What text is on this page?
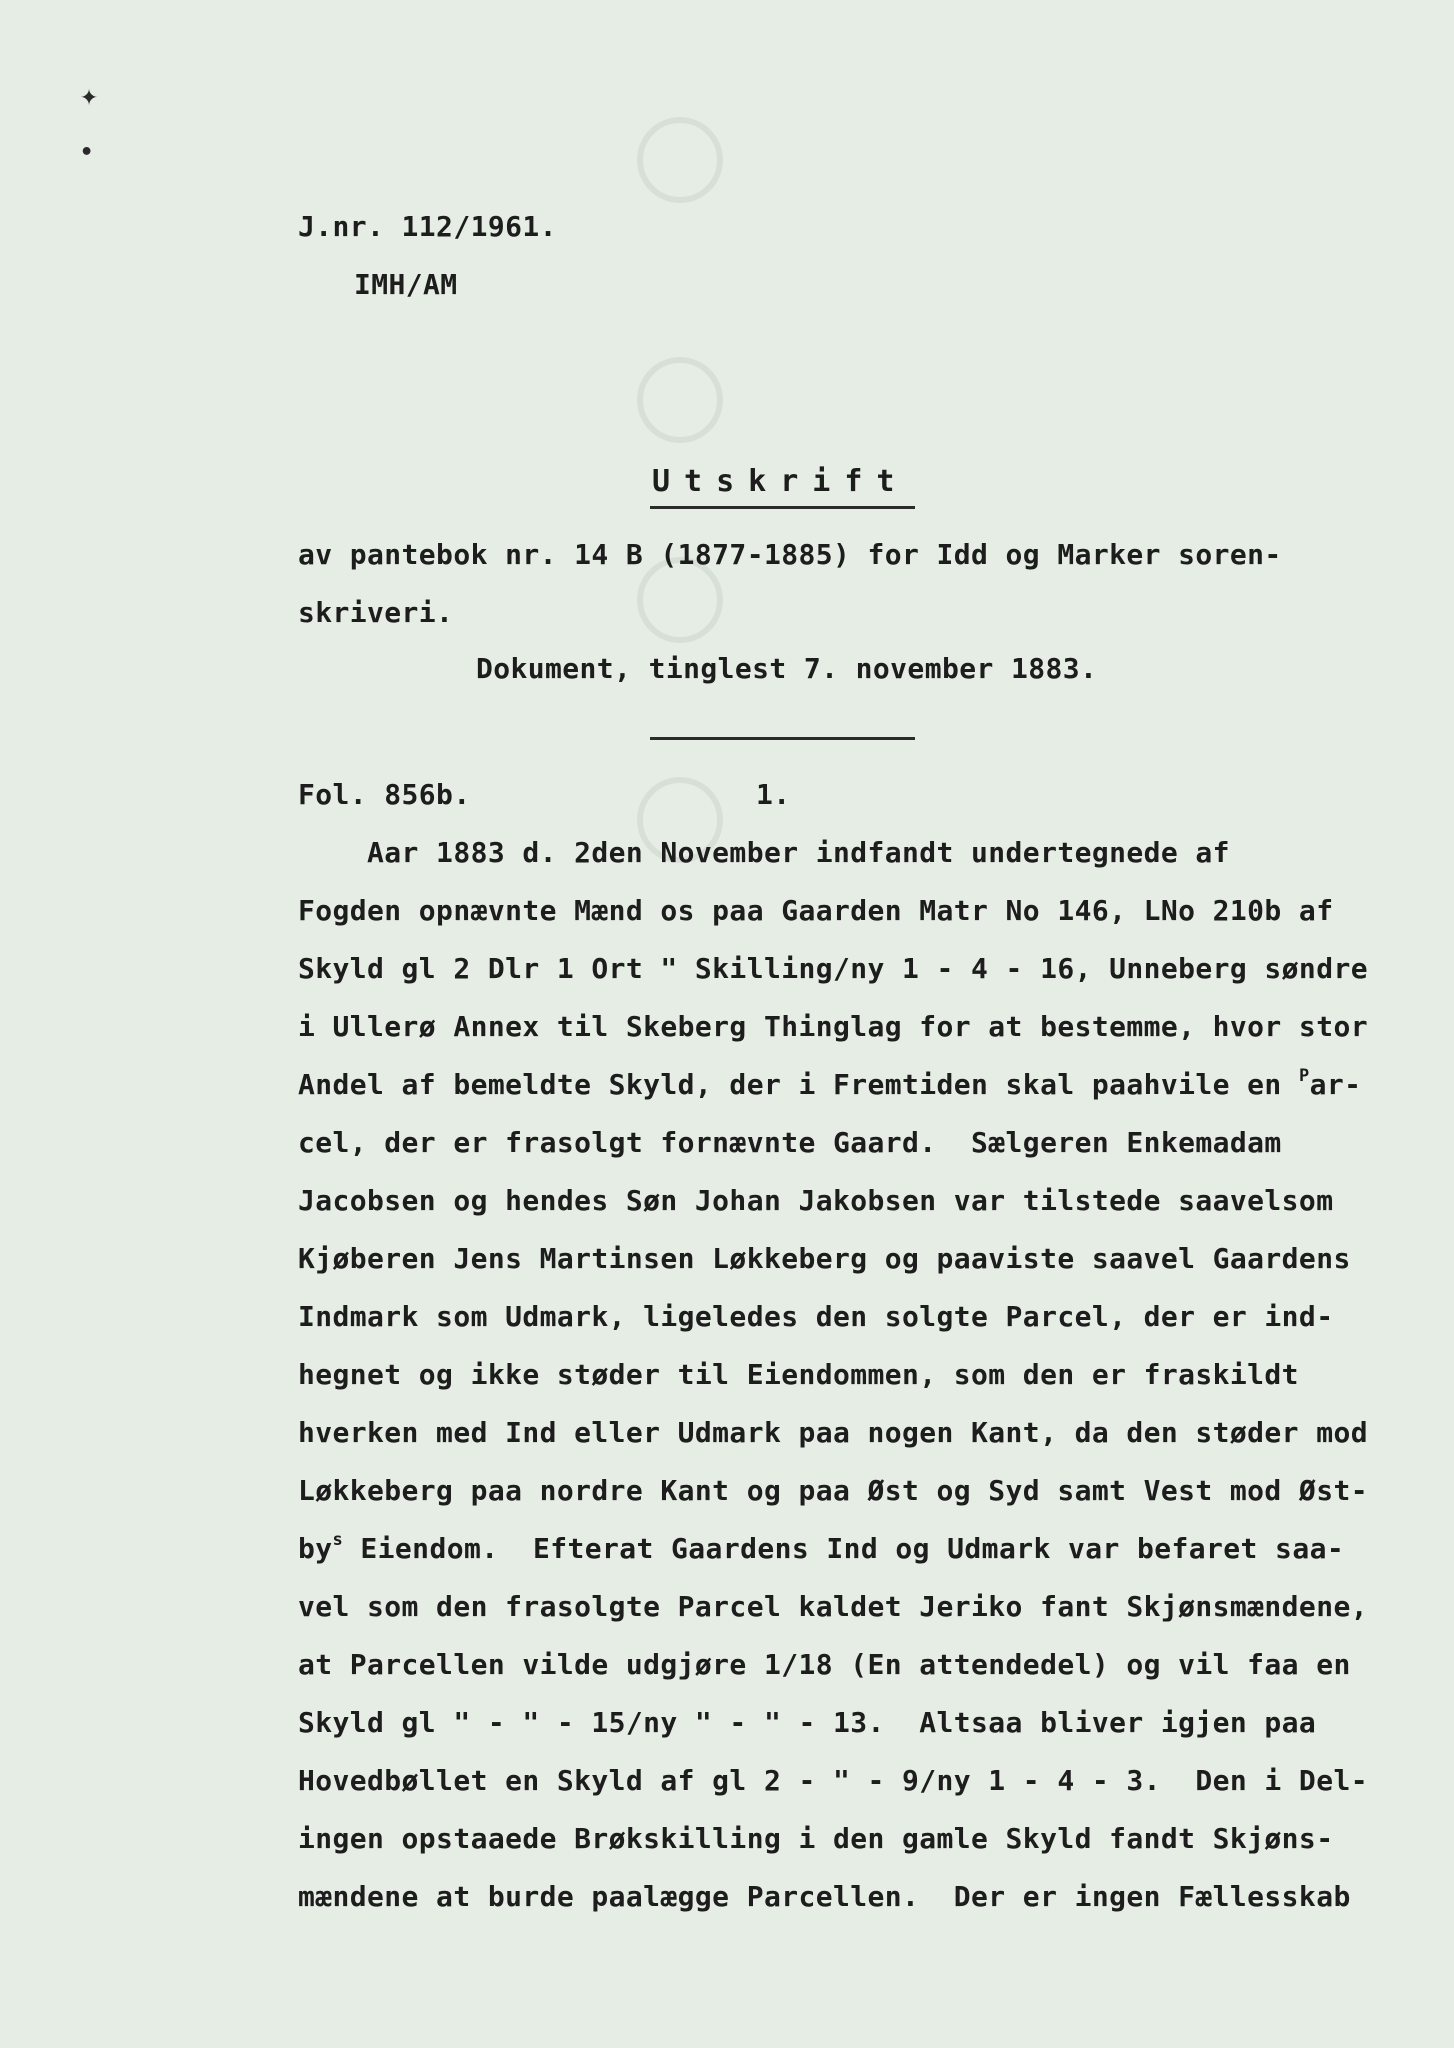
✦
•
J.nr. 112/1961.
IMH/AM
Utskrift
av pantebok nr. 14 B (1877-1885) for Idd og Marker soren-
skriveri.
Dokument, tinglest 7. november 1883.
Fol. 856b.	1.
Aar 1883 d. 2den November indfandt undertegnede af
Fogden opnævnte Mænd os paa Gaarden Matr No 146, LNo 210b af
Skyld gl 2 Dlr 1 Ort " Skilling/ny 1 - 4 - 16, Unneberg søndre
i Ullerø Annex til Skeberg Thinglag for at bestemme, hvor stor
Andel af bemeldte Skyld, der i Fremtiden skal paahvile en $^P$ar-
cel, der er frasolgt fornævnte Gaard.  Sælgeren Enkemadam
Jacobsen og hendes Søn Johan Jakobsen var tilstede saavelsom
Kjøberen Jens Martinsen Løkkeberg og paaviste saavel Gaardens
Indmark som Udmark, ligeledes den solgte Parcel, der er ind-
hegnet og ikke støder til Eiendommen, som den er fraskildt
hverken med Ind eller Udmark paa nogen Kant, da den støder mod
Løkkeberg paa nordre Kant og paa Øst og Syd samt Vest mod Øst-
$by^s$ Eiendom.  Efterat Gaardens Ind og Udmark var befaret saa-
vel som den frasolgte Parcel kaldet Jeriko fant Skjønsmændene,
at Parcellen vilde udgjøre 1/18 (En attendedel) og vil faa en
Skyld gl " - " - 15/ny " - " - 13.  Altsaa bliver igjen paa
Hovedbøllet en Skyld af gl 2 - " - 9/ny 1 - 4 - 3.  Den i Del-
ingen opstaaede Brøkskilling i den gamle Skyld fandt Skjøns-
mændene at burde paalægge Parcellen.  Der er ingen Fællesskab
